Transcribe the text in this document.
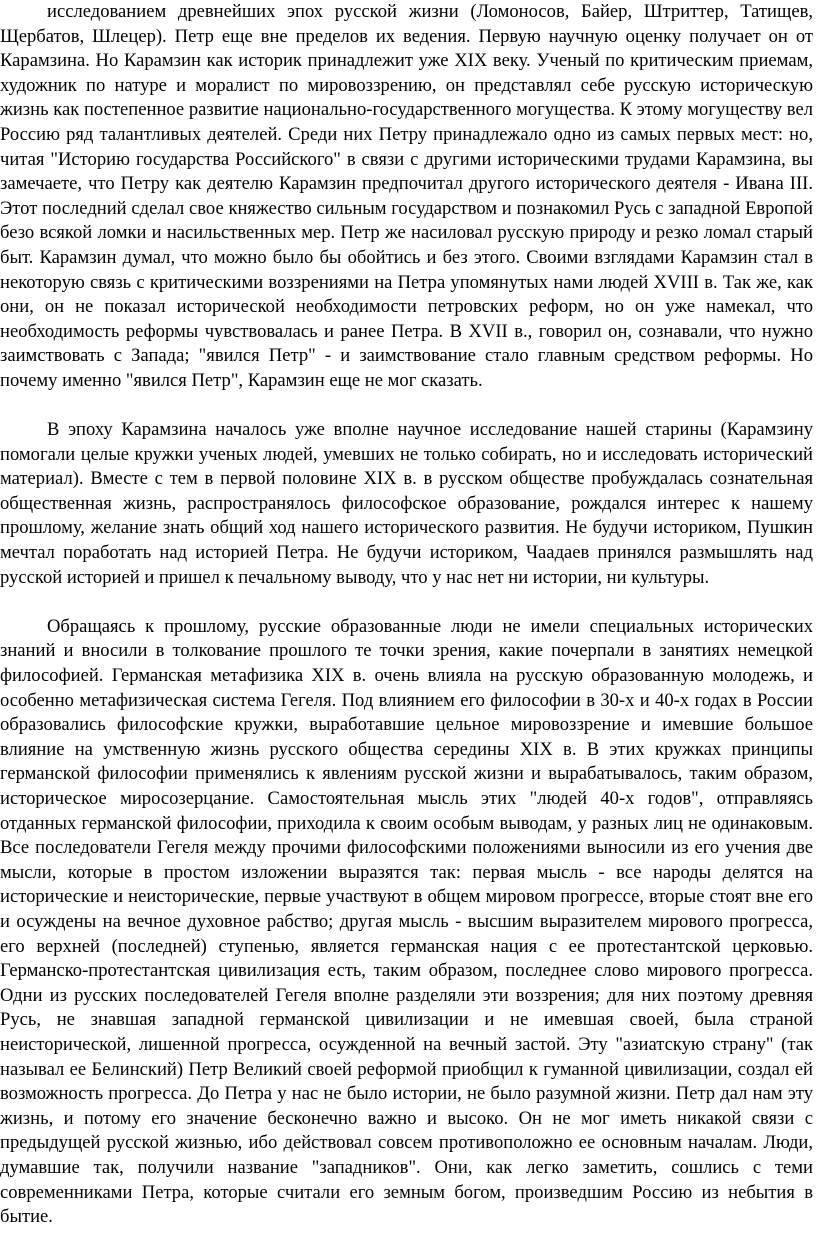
исследованием древнейших эпох русской жизни (Ломоносов, Байер, Штриттер, Татищев, Щербатов, Шлецер). Петр еще вне пределов их ведения. Первую научную оценку получает он от Карамзина. Но Карамзин как историк принадлежит уже XIX веку. Ученый по критическим приемам, художник по натуре и моралист по мировоззрению, он представлял себе русскую историческую жизнь как постепенное развитие национально-государственного могущества. К этому могуществу вел Россию ряд талантливых деятелей. Среди них Петру принадлежало одно из самых первых мест: но, читая "Историю государства Российского" в связи с другими историческими трудами Карамзина, вы замечаете, что Петру как деятелю Карамзин предпочитал другого исторического деятеля - Ивана III. Этот последний сделал свое княжество сильным государством и познакомил Русь с западной Европой безо всякой ломки и насильственных мер. Петр же насиловал русскую природу и резко ломал старый быт. Карамзин думал, что можно было бы обойтись и без этого. Своими взглядами Карамзин стал в некоторую связь с критическими воззрениями на Петра упомянутых нами людей XVIII в. Так же, как они, он не показал исторической необходимости петровских реформ, но он уже намекал, что необходимость реформы чувствовалась и ранее Петра. В XVII в., говорил он, сознавали, что нужно заимствовать с Запада; "явился Петр" - и заимствование стало главным средством реформы. Но почему именно "явился Петр", Карамзин еще не мог сказать.

В эпоху Карамзина началось уже вполне научное исследование нашей старины (Карамзину помогали целые кружки ученых людей, умевших не только собирать, но и исследовать исторический материал). Вместе с тем в первой половине XIX в. в русском обществе пробуждалась сознательная общественная жизнь, распространялось философское образование, рождался интерес к нашему прошлому, желание знать общий ход нашего исторического развития. Не будучи историком, Пушкин мечтал поработать над историей Петра. Не будучи историком, Чаадаев принялся размышлять над русской историей и пришел к печальному выводу, что у нас нет ни истории, ни культуры.

Обращаясь к прошлому, русские образованные люди не имели специальных исторических знаний и вносили в толкование прошлого те точки зрения, какие почерпали в занятиях немецкой философией. Германская метафизика XIX в. очень влияла на русскую образованную молодежь, и особенно метафизическая система Гегеля. Под влиянием его философии в 30-х и 40-х годах в России образовались философские кружки, выработавшие цельное мировоззрение и имевшие большое влияние на умственную жизнь русского общества середины XIX в. В этих кружках принципы германской философии применялись к явлениям русской жизни и вырабатывалось, таким образом, историческое миросозерцание. Самостоятельная мысль этих "людей 40-х годов", отправляясь отданных германской философии, приходила к своим особым выводам, у разных лиц не одинаковым. Все последователи Гегеля между прочими философскими положениями выносили из его учения две мысли, которые в простом изложении выразятся так: первая мысль - все народы делятся на исторические и неисторические, первые участвуют в общем мировом прогрессе, вторые стоят вне его и осуждены на вечное духовное рабство; другая мысль - высшим выразителем мирового прогресса, его верхней (последней) ступенью, является германская нация с ее протестантской церковью. Германско-протестантская цивилизация есть, таким образом, последнее слово мирового прогресса. Одни из русских последователей Гегеля вполне разделяли эти воззрения; для них поэтому древняя Русь, не знавшая западной германской цивилизации и не имевшая своей, была страной неисторической, лишенной прогресса, осужденной на вечный застой. Эту "азиатскую страну" (так называл ее Белинский) Петр Великий своей реформой приобщил к гуманной цивилизации, создал ей возможность прогресса. До Петра у нас не было истории, не было разумной жизни. Петр дал нам эту жизнь, и потому его значение бесконечно важно и высоко. Он не мог иметь никакой связи с предыдущей русской жизнью, ибо действовал совсем противоположно ее основным началам. Люди, думавшие так, получили название "западников". Они, как легко заметить, сошлись с теми современниками Петра, которые считали его земным богом, произведшим Россию из небытия в бытие.
